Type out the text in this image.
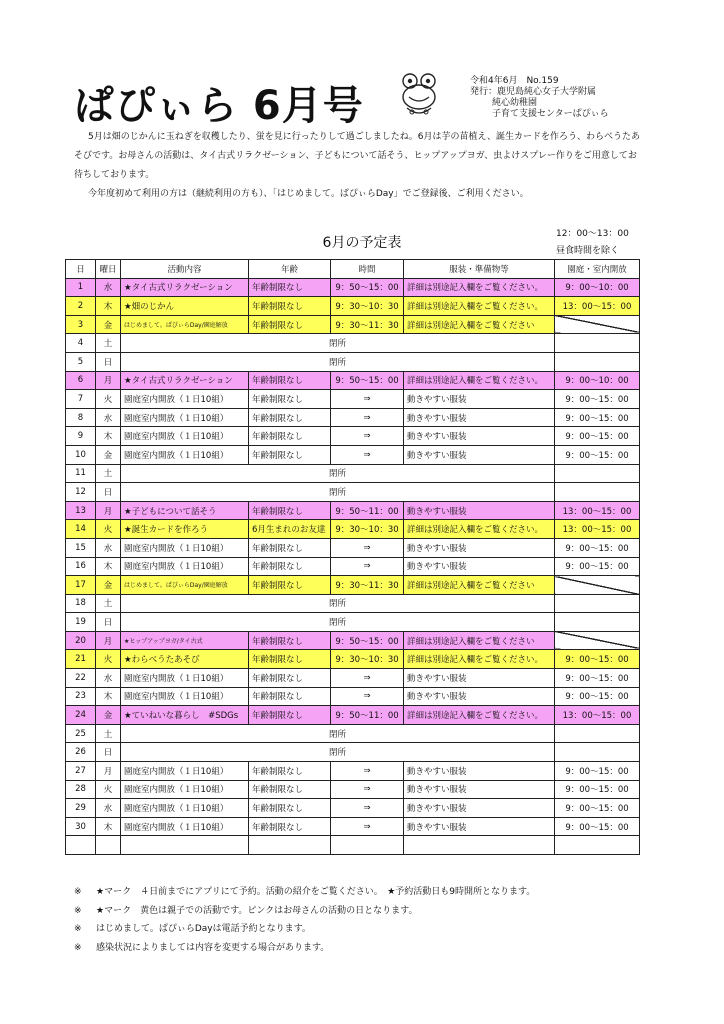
ぱぴぃら 6月号
令和4年6月　No.159
発行：鹿児島純心女子大学附属
純心幼稚園
子育て支援センターぱぴぃら

5月は畑のじかんに玉ねぎを収穫したり、蛍を見に行ったりして過ごしましたね。6月は芋の苗植え、誕生カードを作ろう、わらべうたあそびです。お母さんの活動は、タイ古式リラクゼーション、子どもについて話そう、ヒップアップヨガ、虫よけスプレー作りをご用意してお待ちしております。

今年度初めて利用の方は（継続利用の方も）、「はじめまして。ぱぴぃらDay」でご登録後、ご利用ください。

6月の予定表
12：00～13：00
昼食時間を除く
日	曜日	活動内容	年齢	時間	服装・準備物等	園庭・室内開放
1	水	★タイ古式リラクゼーション	年齢制限なし	9：50～15：00	詳細は別途記入欄をご覧ください。	9：00～10：00
2	木	★畑のじかん	年齢制限なし	9：30～10：30	詳細は別途記入欄をご覧ください。	13：00～15：00
3	金	はじめまして。ぱぴぃらDay/園庭解放	年齢制限なし	9：30～11：30	詳細は別途記入欄をご覧ください	
4	土	閉所				
5	日	閉所				
6	月	★タイ古式リラクゼーション	年齢制限なし	9：50～15：00	詳細は別途記入欄をご覧ください。	9：00～10：00
7	火	園庭室内開放（１日10組）	年齢制限なし	⇒	動きやすい服装	9：00～15：00
8	水	園庭室内開放（１日10組）	年齢制限なし	⇒	動きやすい服装	9：00～15：00
9	木	園庭室内開放（１日10組）	年齢制限なし	⇒	動きやすい服装	9：00～15：00
10	金	園庭室内開放（１日10組）	年齢制限なし	⇒	動きやすい服装	9：00～15：00
11	土	閉所				
12	日	閉所				
13	月	★子どもについて話そう	年齢制限なし	9：50～11：00	動きやすい服装	13：00～15：00
14	火	★誕生カードを作ろう	6月生まれのお友達	9：30～10：30	詳細は別途記入欄をご覧ください。	13：00～15：00
15	水	園庭室内開放（１日10組）	年齢制限なし	⇒	動きやすい服装	9：00～15：00
16	木	園庭室内開放（１日10組）	年齢制限なし	⇒	動きやすい服装	9：00～15：00
17	金	はじめまして。ぱぴぃらDay/園庭解放	年齢制限なし	9：30～11：30	詳細は別途記入欄をご覧ください	
18	土	閉所				
19	日	閉所				
20	月	★ヒップアップヨガ/タイ古式	年齢制限なし	9：50～15：00	詳細は別途記入欄をご覧ください	
21	火	★わらべうたあそび	年齢制限なし	9：30～10：30	詳細は別途記入欄をご覧ください。	9：00～15：00
22	水	園庭室内開放（１日10組）	年齢制限なし	⇒	動きやすい服装	9：00～15：00
23	木	園庭室内開放（１日10組）	年齢制限なし	⇒	動きやすい服装	9：00～15：00
24	金	★ていねいな暮らし　#SDGs	年齢制限なし	9：50～11：00	詳細は別途記入欄をご覧ください。	13：00～15：00
25	土	閉所				
26	日	閉所				
27	月	園庭室内開放（１日10組）	年齢制限なし	⇒	動きやすい服装	9：00～15：00
28	火	園庭室内開放（１日10組）	年齢制限なし	⇒	動きやすい服装	9：00～15：00
29	水	園庭室内開放（１日10組）	年齢制限なし	⇒	動きやすい服装	9：00～15：00
30	木	園庭室内開放（１日10組）	年齢制限なし	⇒	動きやすい服装	9：00～15：00

※ ★マーク　４日前までにアプリにて予約。活動の紹介をご覧ください。　★予約活動日も9時開所となります。
※ ★マーク　黄色は親子での活動です。ピンクはお母さんの活動の日となります。
※ はじめまして。ぱぴぃらDayは電話予約となります。
※ 感染状況によりましては内容を変更する場合があります。
